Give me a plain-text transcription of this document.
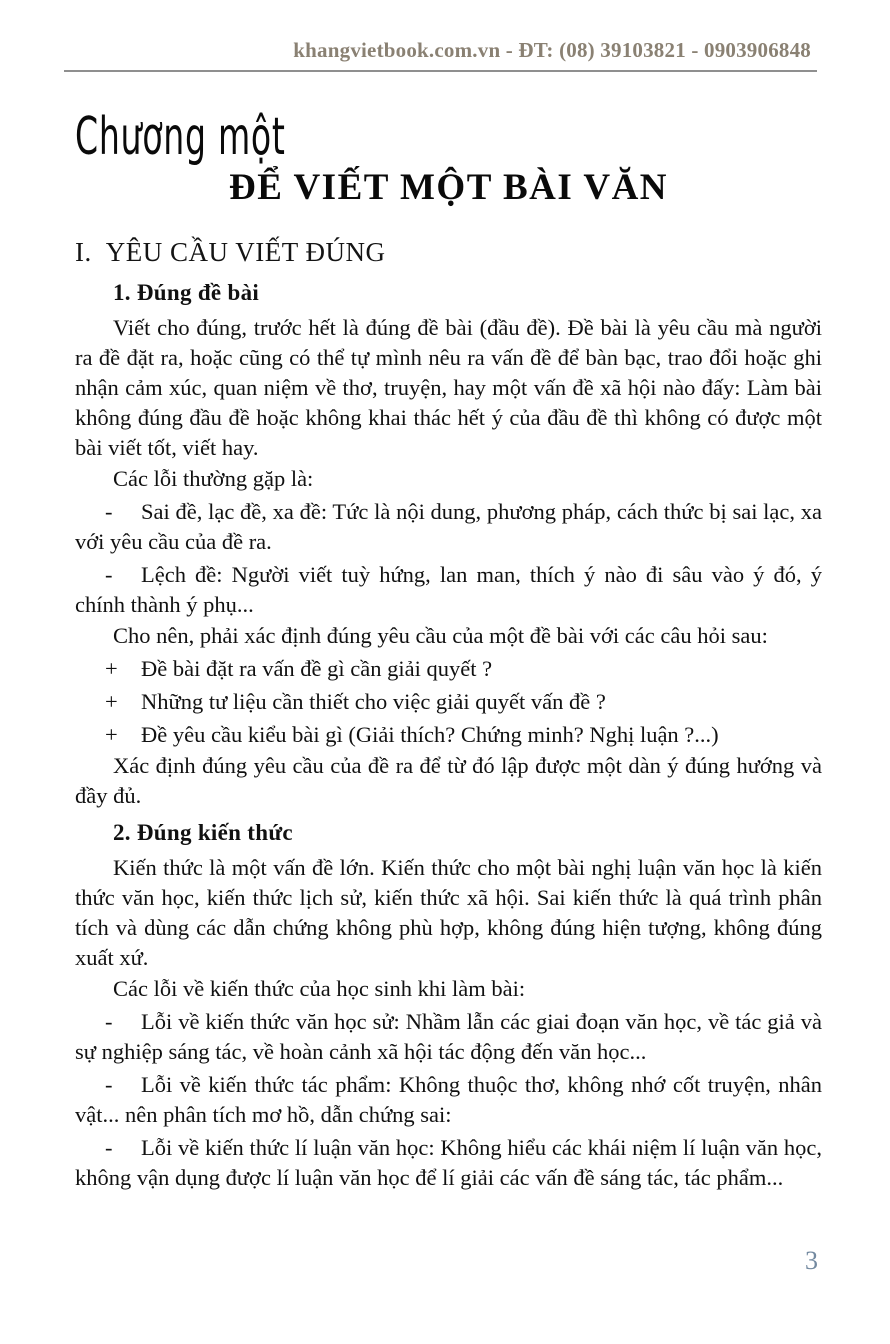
khangvietbook.com.vn - ĐT: (08) 39103821 - 0903906848
Chương một
ĐỂ VIẾT MỘT BÀI VĂN
I. YÊU CẦU VIẾT ĐÚNG
1. Đúng đề bài

Viết cho đúng, trước hết là đúng đề bài (đầu đề). Đề bài là yêu cầu mà người ra đề đặt ra, hoặc cũng có thể tự mình nêu ra vấn đề để bàn bạc, trao đổi hoặc ghi nhận cảm xúc, quan niệm về thơ, truyện, hay một vấn đề xã hội nào đấy: Làm bài không đúng đầu đề hoặc không khai thác hết ý của đầu đề thì không có được một bài viết tốt, viết hay.

Các lỗi thường gặp là:

- Sai đề, lạc đề, xa đề: Tức là nội dung, phương pháp, cách thức bị sai lạc, xa với yêu cầu của đề ra.

- Lệch đề: Người viết tuỳ hứng, lan man, thích ý nào đi sâu vào ý đó, ý chính thành ý phụ...

Cho nên, phải xác định đúng yêu cầu của một đề bài với các câu hỏi sau:

+ Đề bài đặt ra vấn đề gì cần giải quyết ?

+ Những tư liệu cần thiết cho việc giải quyết vấn đề ?

+ Đề yêu cầu kiểu bài gì (Giải thích? Chứng minh? Nghị luận ?...)

Xác định đúng yêu cầu của đề ra để từ đó lập được một dàn ý đúng hướng và đầy đủ.

2. Đúng kiến thức

Kiến thức là một vấn đề lớn. Kiến thức cho một bài nghị luận văn học là kiến thức văn học, kiến thức lịch sử, kiến thức xã hội. Sai kiến thức là quá trình phân tích và dùng các dẫn chứng không phù hợp, không đúng hiện tượng, không đúng xuất xứ.

Các lỗi về kiến thức của học sinh khi làm bài:

- Lỗi về kiến thức văn học sử: Nhầm lẫn các giai đoạn văn học, về tác giả và sự nghiệp sáng tác, về hoàn cảnh xã hội tác động đến văn học...

- Lỗi về kiến thức tác phẩm: Không thuộc thơ, không nhớ cốt truyện, nhân vật... nên phân tích mơ hồ, dẫn chứng sai:

- Lỗi về kiến thức lí luận văn học: Không hiểu các khái niệm lí luận văn học, không vận dụng được lí luận văn học để lí giải các vấn đề sáng tác, tác phẩm...

3
